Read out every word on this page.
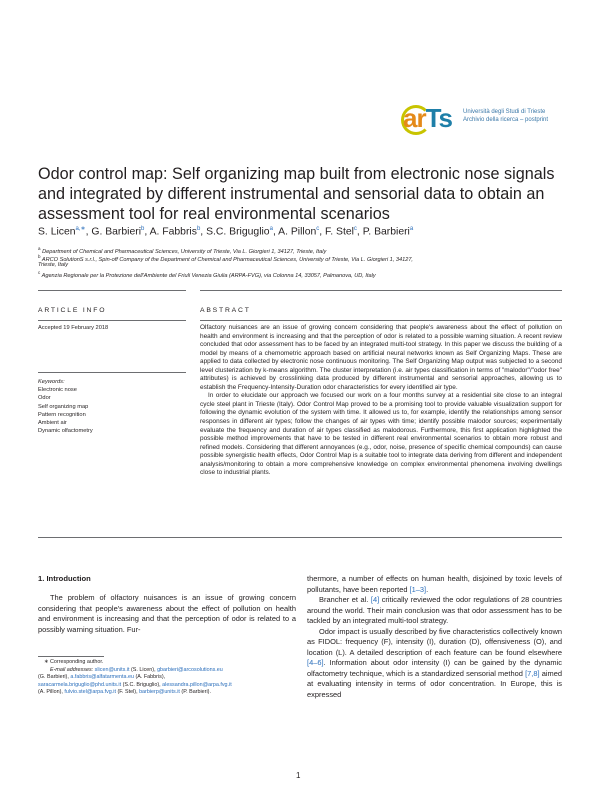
arTs Università degli Studi di Trieste
Archivio della ricerca – postprint
Odor control map: Self organizing map built from electronic nose signals and integrated by different instrumental and sensorial data to obtain an assessment tool for real environmental scenarios
S. Licen$^{a,∗}$, G. Barbieri$^b$, A. Fabbris$^b$, S.C. Briguglio$^a$, A. Pillon$^c$, F. Stel$^c$, P. Barbieri$^a$
$^a$ Department of Chemical and Pharmaceutical Sciences, University of Trieste, Via L. Giorgieri 1, 34127, Trieste, Italy
$^b$ ARCO SolutionS s.r.l., Spin-off Company of the Department of Chemical and Pharmaceutical Sciences, University of Trieste, Via L. Giorgieri 1, 34127,
Trieste, Italy
$^c$ Agenzia Regionale per la Protezione dell'Ambiente del Friuli Venezia Giulia (ARPA-FVG), via Colonna 14, 33057, Palmanova, UD, Italy
ARTICLE INFO	ABSTRACT
Accepted 19 February 2018
Keywords:
Electronic nose
Odor
Self organizing map
Pattern recognition
Ambient air
Dynamic olfactometry

Olfactory nuisances are an issue of growing concern considering that people's awareness about the effect of pollution on health and environment is increasing and that the perception of odor is related to a possible warning situation. A recent review concluded that odor assessment has to be faced by an integrated multi-tool strategy. In this paper we discuss the building of a model by means of a chemometric approach based on artificial neural networks known as Self Organizing Maps. These are applied to data collected by electronic nose continuous monitoring. The Self Organizing Map output was subjected to a second level clusterization by k-means algorithm. The cluster interpretation (i.e. air types classification in terms of "malodor"/"odor free" attributes) is achieved by crosslinking data produced by different instrumental and sensorial approaches, allowing us to establish the Frequency-Intensity-Duration odor characteristics for every identified air type.

In order to elucidate our approach we focused our work on a four months survey at a residential site close to an integral cycle steel plant in Trieste (Italy). Odor Control Map proved to be a promising tool to provide valuable visualization support for following the dynamic evolution of the system with time. It allowed us to, for example, identify the relationships among sensor responses in different air types; follow the changes of air types with time; identify possible malodor sources; experimentally evaluate the frequency and duration of air types classified as malodorous. Furthermore, this first application highlighted the possible method improvements that have to be tested in different real environmental scenarios to obtain more robust and refined models. Considering that different annoyances (e.g., odor, noise, presence of specific chemical compounds) can cause possible synergistic health effects, Odor Control Map is a suitable tool to integrate data deriving from different and independent analysis/monitoring to obtain a more comprehensive knowledge on complex environmental phenomena involving dwellings close to industrial plants.

1. Introduction

The problem of olfactory nuisances is an issue of growing concern considering that people's awareness about the effect of pollution on health and environment is increasing and that the perception of odor is related to a possibly warning situation. Fur-

thermore, a number of effects on human health, disjoined by toxic levels of pollutants, have been reported [1–3].

Brancher et al. [4] critically reviewed the odor regulations of 28 countries around the world. Their main conclusion was that odor assessment has to be tackled by an integrated multi-tool strategy.

Odor impact is usually described by five characteristics collectively known as FIDOL: frequency (F), intensity (I), duration (D), offensiveness (O), and location (L). A detailed description of each feature can be found elsewhere [4–6]. Information about odor intensity (I) can be gained by the dynamic olfactometry technique, which is a standardized sensorial method [7,8] aimed at evaluating intensity in terms of odor concentration. In Europe, this is expressed

∗ Corresponding author.
E-mail addresses: slicen@units.it (S. Licen), gbarbieri@arcosolutions.eu
(G. Barbieri), a.fabbris@alfatarmenta.eu (A. Fabbris),
saracarmela.briguglio@phd.units.it (S.C. Briguglio), alessandra.pillon@arpa.fvg.it
(A. Pillon), fulvio.stel@arpa.fvg.it (F. Stel), barbierp@units.it (P. Barbieri).
1
